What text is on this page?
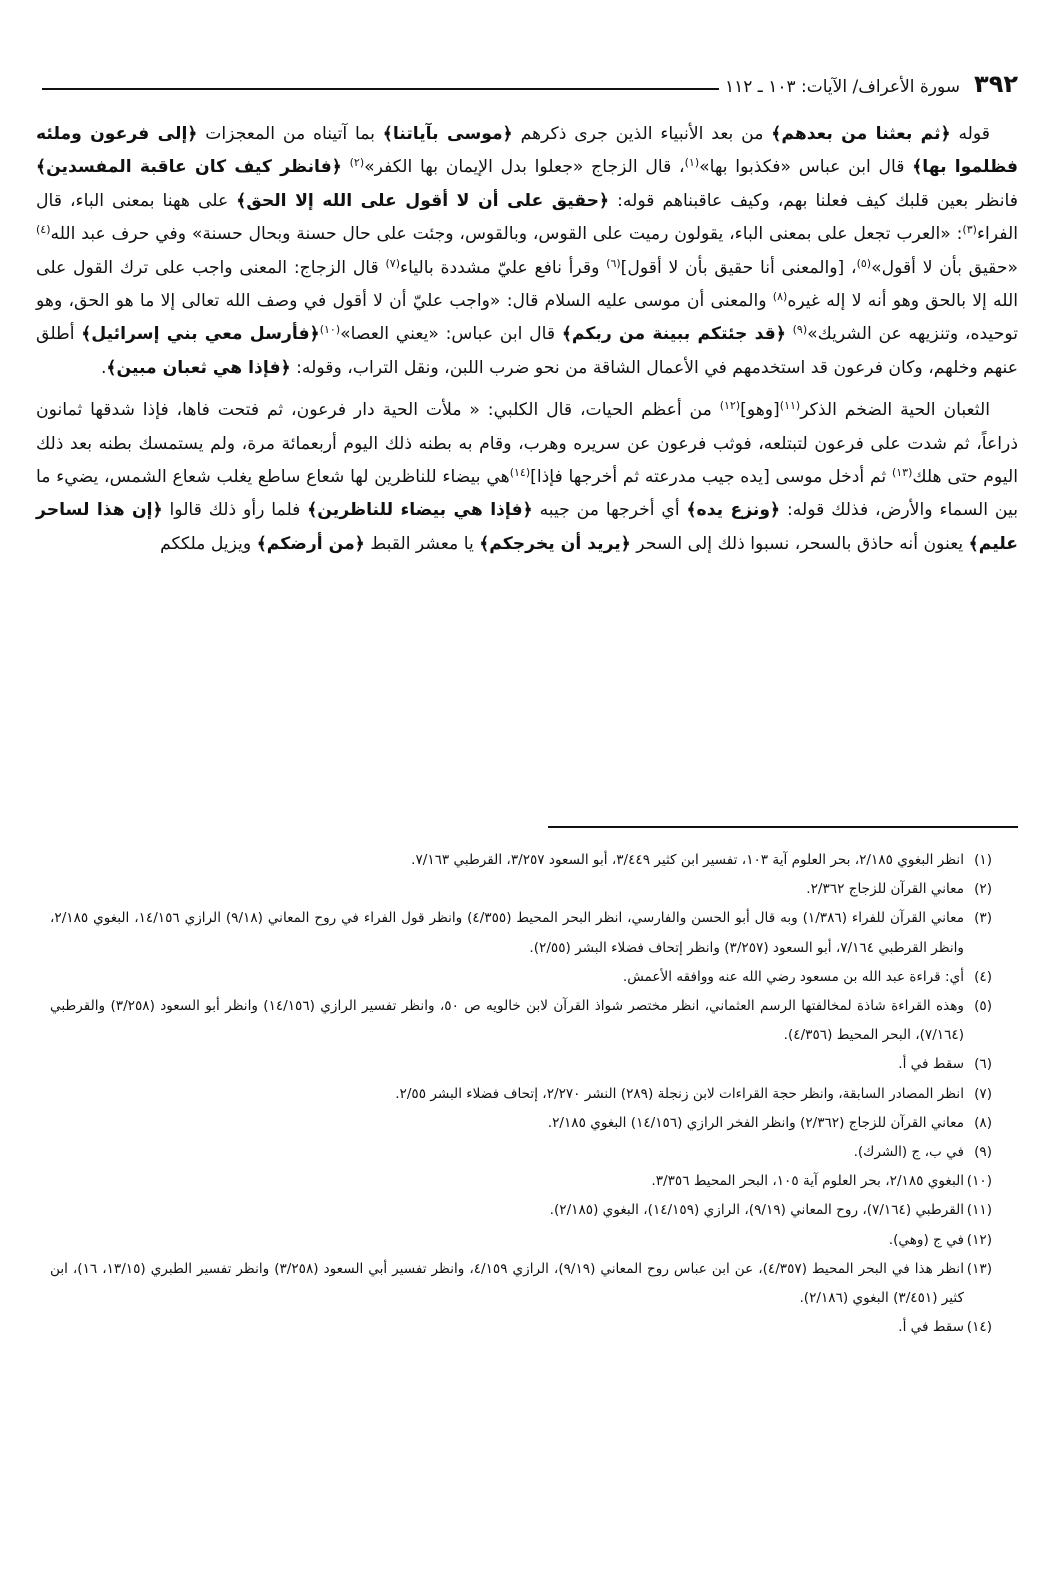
٣٩٢
سورة الأعراف/ الآيات: ١٠٣ ـ ١١٢

قوله ﴿ثم بعثنا من بعدهم﴾ من بعد الأنبياء الذين جرى ذكرهم ﴿موسى بآياتنا﴾ بما آتيناه من المعجزات ﴿إلى فرعون وملئه فظلموا بها﴾ قال ابن عباس «فكذبوا بها»$^{(١)}$، قال الزجاج «جعلوا بدل الإيمان بها الكفر»$^{(٢)}$ ﴿فانظر كيف كان عاقبة المفسدين﴾ فانظر بعين قلبك كيف فعلنا بهم، وكيف عاقبناهم قوله: ﴿حقيق على أن لا أقول على الله إلا الحق﴾ على ههنا بمعنى الباء، قال الفراء$^{(٣)}$: «العرب تجعل على بمعنى الباء، يقولون رميت على القوس، وبالقوس، وجئت على حال حسنة وبحال حسنة» وفي حرف عبد الله$^{(٤)}$ «حقيق بأن لا أقول»$^{(٥)}$، [والمعنى أنا حقيق بأن لا أقول]$^{(٦)}$ وقرأ نافع عليّ مشددة بالياء$^{(٧)}$ قال الزجاج: المعنى واجب على ترك القول على الله إلا بالحق وهو أنه لا إله غيره$^{(٨)}$ والمعنى أن موسى عليه السلام قال: «واجب عليّ أن لا أقول في وصف الله تعالى إلا ما هو الحق، وهو توحيده، وتنزيهه عن الشريك»$^{(٩)}$ ﴿قد جئتكم ببينة من ربكم﴾ قال ابن عباس: «يعني العصا»$^{(١٠)}$﴿فأرسل معي بني إسرائيل﴾ أطلق عنهم وخلهم، وكان فرعون قد استخدمهم في الأعمال الشاقة من نحو ضرب اللبن، ونقل التراب، وقوله: ﴿فإذا هي ثعبان مبين﴾.

الثعبان الحية الضخم الذكر$^{(١١)}$[وهو]$^{(١٢)}$ من أعظم الحيات، قال الكلبي: « ملأت الحية دار فرعون، ثم فتحت فاها، فإذا شدقها ثمانون ذراعاً، ثم شدت على فرعون لتبتلعه، فوثب فرعون عن سريره وهرب، وقام به بطنه ذلك اليوم أربعمائة مرة، ولم يستمسك بطنه بعد ذلك اليوم حتى هلك$^{(١٣)}$ ثم أدخل موسى [يده جيب مدرعته ثم أخرجها فإذا]$^{(١٤)}$هي بيضاء للناظرين لها شعاع ساطع يغلب شعاع الشمس، يضيء ما بين السماء والأرض، فذلك قوله: ﴿ونزع يده﴾ أي أخرجها من جيبه ﴿فإذا هي بيضاء للناظرين﴾ فلما رأو ذلك قالوا ﴿إن هذا لساحر عليم﴾ يعنون أنه حاذق بالسحر، نسبوا ذلك إلى السحر ﴿يريد أن يخرجكم﴾ يا معشر القبط ﴿من أرضكم﴾ ويزيل ملككم

(١)
انظر البغوي ٢/١٨٥، بحر العلوم آية ١٠٣، تفسير ابن كثير ٣/٤٤٩، أبو السعود ٣/٢٥٧، القرطبي ٧/١٦٣.
(٢)
معاني القرآن للزجاج ٢/٣٦٢.
(٣)
معاني القرآن للفراء (١/٣٨٦) وبه قال أبو الحسن والفارسي، انظر البحر المحيط (٤/٣٥٥) وانظر قول الفراء في روح المعاني (٩/١٨) الرازي ١٤/١٥٦، البغوي ٢/١٨٥، وانظر القرطبي ٧/١٦٤، أبو السعود (٣/٢٥٧) وانظر إتحاف فضلاء البشر (٢/٥٥).
(٤)
أي: قراءة عبد الله بن مسعود رضي الله عنه ووافقه الأعمش.
(٥)
وهذه القراءة شاذة لمخالفتها الرسم العثماني، انظر مختصر شواذ القرآن لابن خالويه ص ٥٠، وانظر تفسير الرازي (١٤/١٥٦) وانظر أبو السعود (٣/٢٥٨) والقرطبي (٧/١٦٤)، البحر المحيط (٤/٣٥٦).
(٦)
سقط في أ.
(٧)
انظر المصادر السابقة، وانظر حجة القراءات لابن زنجلة (٢٨٩) النشر ٢/٢٧٠، إتحاف فضلاء البشر ٢/٥٥.
(٨)
معاني القرآن للزجاج (٢/٣٦٢) وانظر الفخر الرازي (١٤/١٥٦) البغوي ٢/١٨٥.
(٩)
في ب، ج (الشرك).
(١٠)
البغوي ٢/١٨٥، بحر العلوم آية ١٠٥، البحر المحيط ٣/٣٥٦.
(١١)
القرطبي (٧/١٦٤)، روح المعاني (٩/١٩)، الرازي (١٤/١٥٩)، البغوي (٢/١٨٥).
(١٢)
في ج (وهي).
(١٣)
انظر هذا في البحر المحيط (٤/٣٥٧)، عن ابن عباس روح المعاني (٩/١٩)، الرازي ٤/١٥٩، وانظر تفسير أبي السعود (٣/٢٥٨) وانظر تفسير الطبري (١٣/١٥، ١٦)، ابن كثير (٣/٤٥١) البغوي (٢/١٨٦).
(١٤)
سقط في أ.
